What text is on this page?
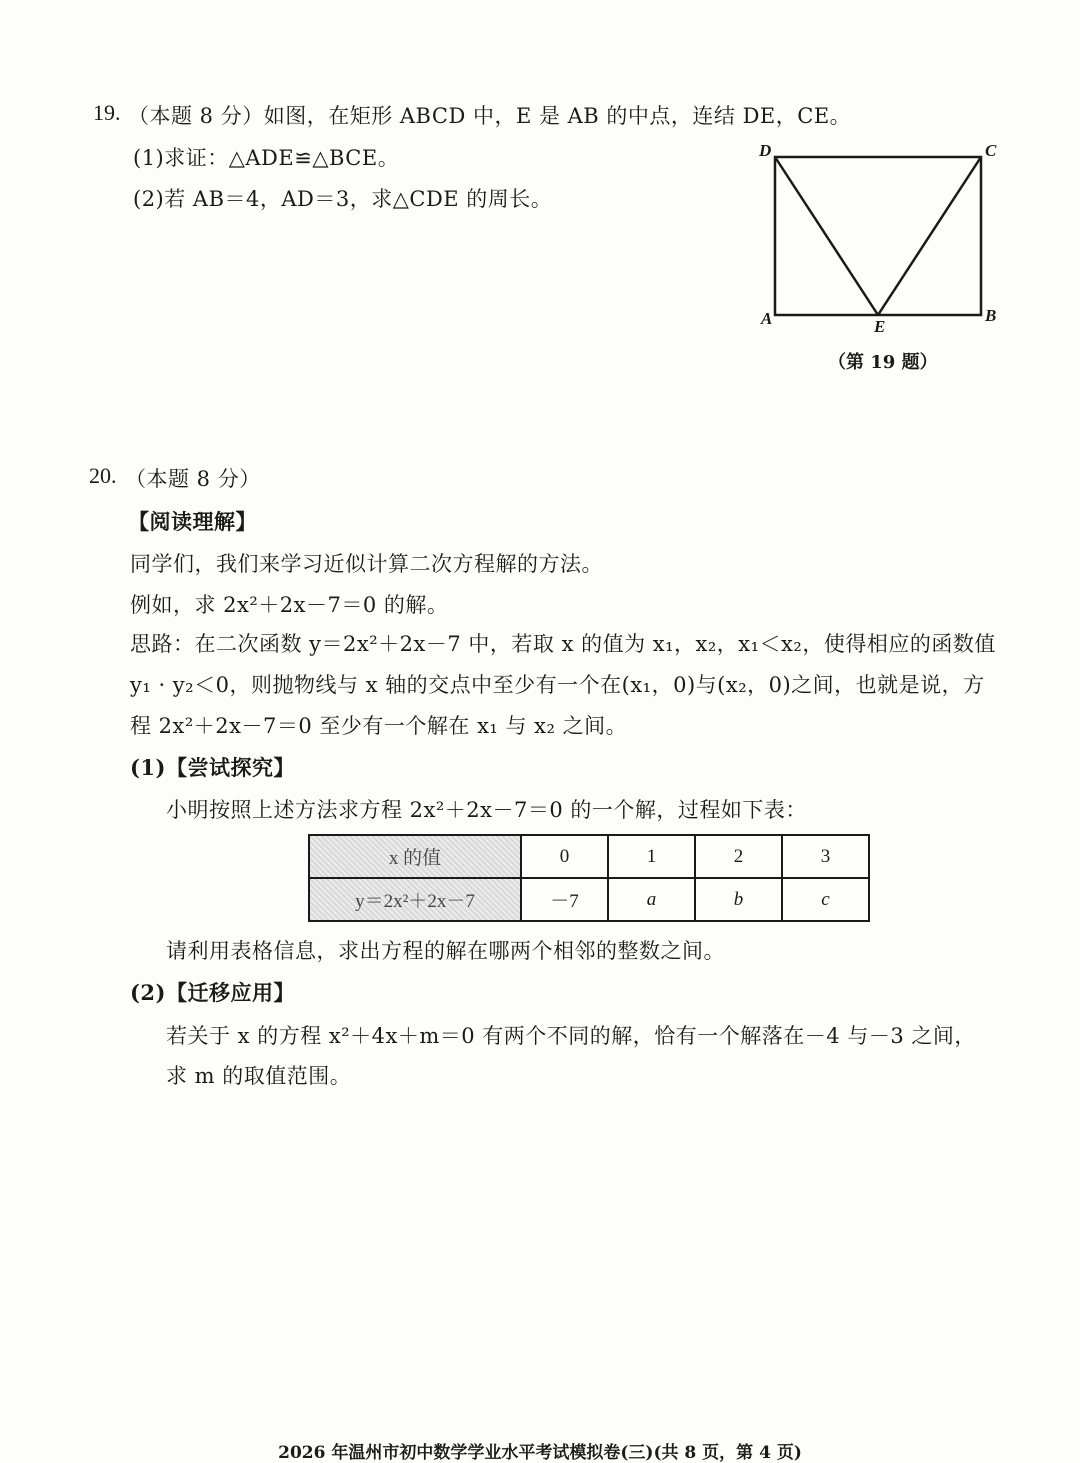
19. （本题 8 分）如图，在矩形 ABCD 中，E 是 AB 的中点，连结 DE，CE。
(1)求证：△ADE≌△BCE。
(2)若 AB＝4，AD＝3，求△CDE 的周长。
D	C
A	E
B
（第 19 题）
20. （本题 8 分）
【阅读理解】
同学们，我们来学习近似计算二次方程解的方法。
例如，求 2x²＋2x－7＝0 的解。
思路：在二次函数 y＝2x²＋2x－7 中，若取 x 的值为 x₁，x₂，x₁＜x₂，使得相应的函数值
y₁ · y₂＜0，则抛物线与 x 轴的交点中至少有一个在(x₁，0)与(x₂，0)之间，也就是说，方
程 2x²＋2x－7＝0 至少有一个解在 x₁ 与 x₂ 之间。
(1)【尝试探究】
小明按照上述方法求方程 2x²＋2x－7＝0 的一个解，过程如下表：
x 的值	0	1	2	3
y＝2x²＋2x－7	－7	a	b	c
请利用表格信息，求出方程的解在哪两个相邻的整数之间。
(2)【迁移应用】
若关于 x 的方程 x²＋4x＋m＝0 有两个不同的解，恰有一个解落在－4 与－3 之间，
求 m 的取值范围。
2026 年温州市初中数学学业水平考试模拟卷(三)(共 8 页，第 4 页)
